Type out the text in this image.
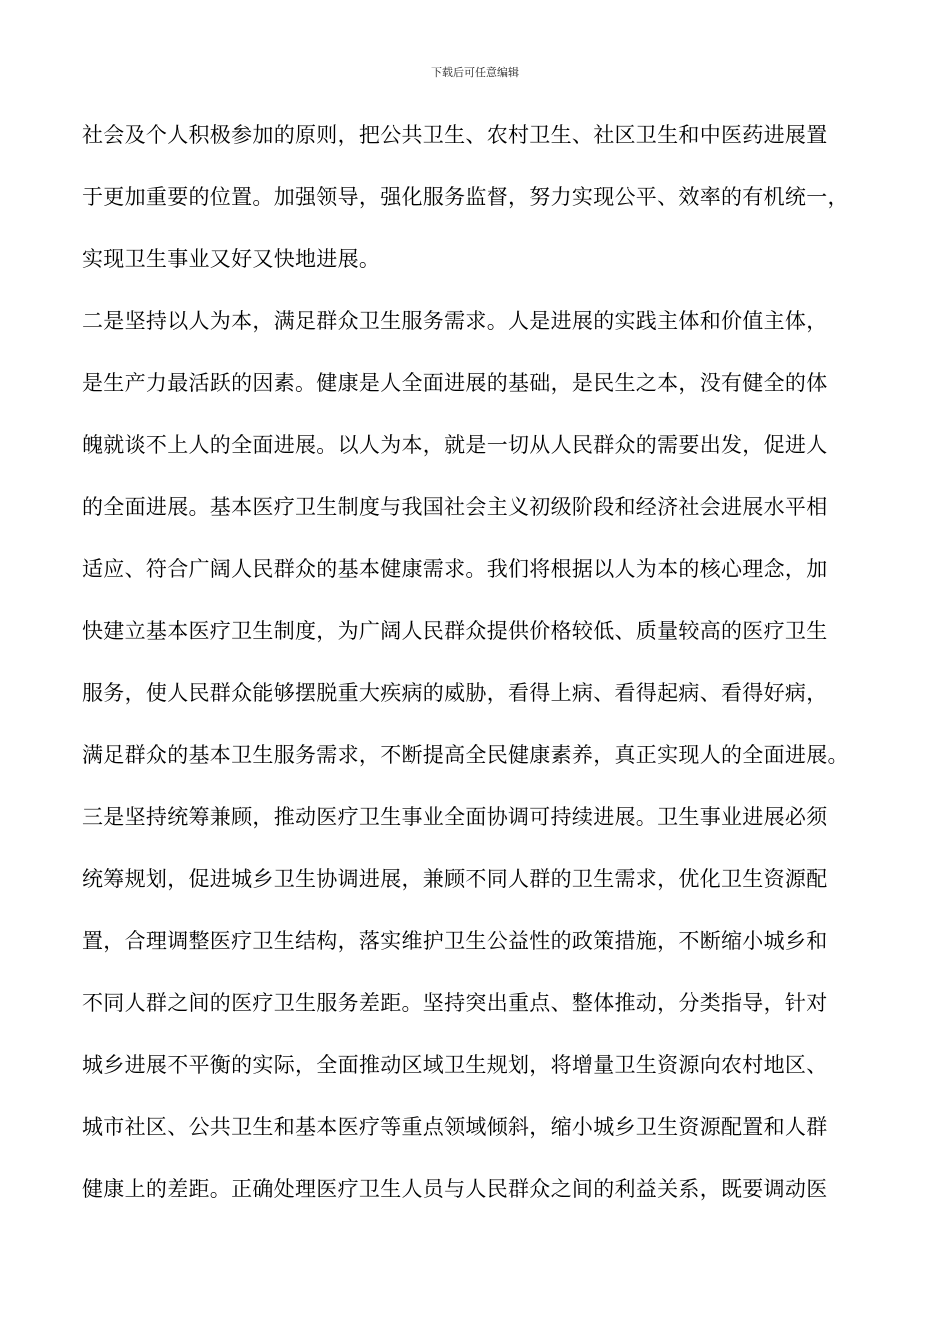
下载后可任意编辑
社会及个人积极参加的原则，把公共卫生、农村卫生、社区卫生和中医药进展置
于更加重要的位置。加强领导，强化服务监督，努力实现公平、效率的有机统一，
实现卫生事业又好又快地进展。
二是坚持以人为本，满足群众卫生服务需求。人是进展的实践主体和价值主体，
是生产力最活跃的因素。健康是人全面进展的基础，是民生之本，没有健全的体
魄就谈不上人的全面进展。以人为本，就是一切从人民群众的需要出发，促进人
的全面进展。基本医疗卫生制度与我国社会主义初级阶段和经济社会进展水平相
适应、符合广阔人民群众的基本健康需求。我们将根据以人为本的核心理念，加
快建立基本医疗卫生制度，为广阔人民群众提供价格较低、质量较高的医疗卫生
服务，使人民群众能够摆脱重大疾病的威胁，看得上病、看得起病、看得好病，
满足群众的基本卫生服务需求，不断提高全民健康素养，真正实现人的全面进展。
三是坚持统筹兼顾，推动医疗卫生事业全面协调可持续进展。卫生事业进展必须
统筹规划，促进城乡卫生协调进展，兼顾不同人群的卫生需求，优化卫生资源配
置，合理调整医疗卫生结构，落实维护卫生公益性的政策措施，不断缩小城乡和
不同人群之间的医疗卫生服务差距。坚持突出重点、整体推动，分类指导，针对
城乡进展不平衡的实际，全面推动区域卫生规划，将增量卫生资源向农村地区、
城市社区、公共卫生和基本医疗等重点领域倾斜，缩小城乡卫生资源配置和人群
健康上的差距。正确处理医疗卫生人员与人民群众之间的利益关系，既要调动医
